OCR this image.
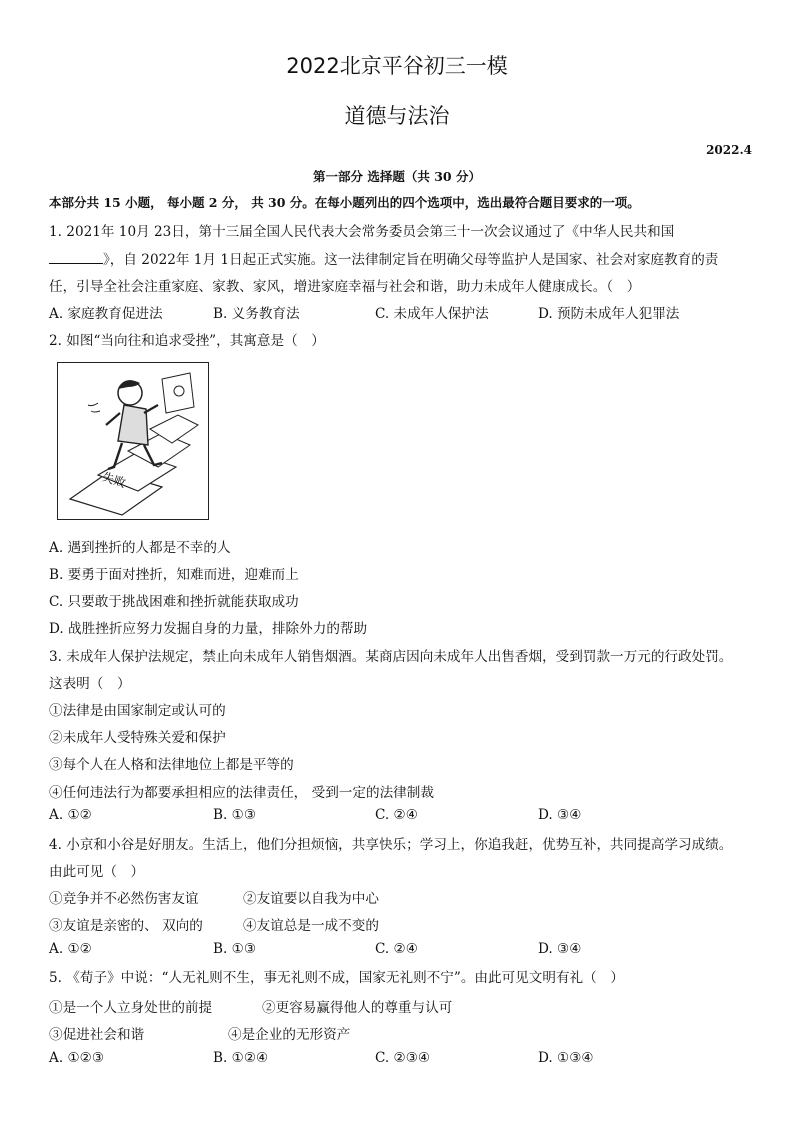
2022北京平谷初三一模
道德与法治
2022.4
第一部分 选择题（共 30 分）
本部分共 15 小题， 每小题 2 分， 共 30 分。在每小题列出的四个选项中，选出最符合题目要求的一项。
1. 2021年 10月 23日，第十三届全国人民代表大会常务委员会第三十一次会议通过了《中华人民共和国
》，自 2022年 1月 1日起正式实施。这一法律制定旨在明确父母等监护人是国家、社会对家庭教育的责
任，引导全社会注重家庭、家教、家风，增进家庭幸福与社会和谐，助力未成年人健康成长。（　）
A. 家庭教育促进法	B. 义务教育法	C. 未成年人保护法	D. 预防未成年人犯罪法
2. 如图“当向往和追求受挫”，其寓意是（　）
失败
A. 遇到挫折的人都是不幸的人
B. 要勇于面对挫折，知难而进，迎难而上
C. 只要敢于挑战困难和挫折就能获取成功
D. 战胜挫折应努力发掘自身的力量，排除外力的帮助
3. 未成年人保护法规定，禁止向未成年人销售烟酒。某商店因向未成年人出售香烟，受到罚款一万元的行政处罚。
这表明（　）
①法律是由国家制定或认可的
②未成年人受特殊关爱和保护
③每个人在人格和法律地位上都是平等的
④任何违法行为都要承担相应的法律责任， 受到一定的法律制裁
A. ①②	B. ①③	C. ②④	D. ③④
4. 小京和小谷是好朋友。生活上，他们分担烦恼，共享快乐；学习上，你追我赶，优势互补，共同提高学习成绩。
由此可见（　）
①竞争并不必然伤害友谊	②友谊要以自我为中心
③友谊是亲密的、 双向的	④友谊总是一成不变的
A. ①②	B. ①③	C. ②④	D. ③④
5. 《荀子》中说：“人无礼则不生，事无礼则不成，国家无礼则不宁”。由此可见文明有礼（　）
①是一个人立身处世的前提	②更容易赢得他人的尊重与认可
③促进社会和谐	④是企业的无形资产
A. ①②③	B. ①②④	C. ②③④	D. ①③④
